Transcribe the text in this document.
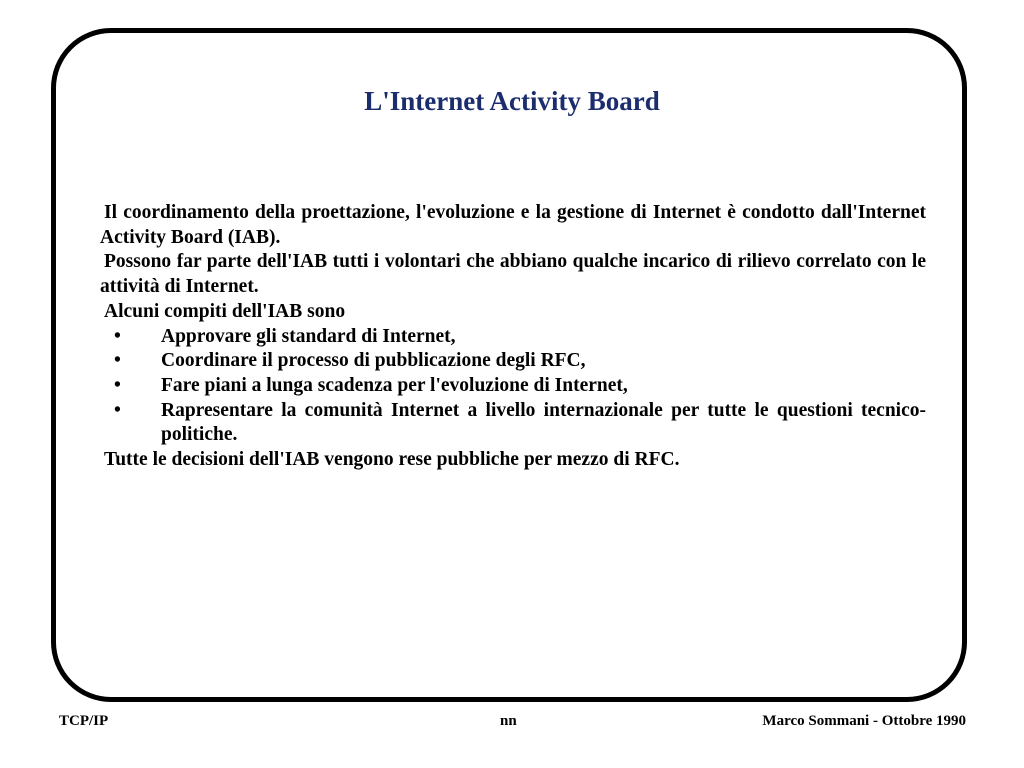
L'Internet Activity Board

Il coordinamento della proettazione, l'evoluzione e la gestione di Internet è condotto dall'Internet Activity Board (IAB).

Possono far parte dell'IAB tutti i volontari che abbiano qualche incarico di rilievo correlato con le attività di Internet.

Alcuni compiti dell'IAB sono

• Approvare gli standard di Internet,
• Coordinare il processo di pubblicazione degli RFC,
• Fare piani a lunga scadenza per l'evoluzione di Internet,
• Rapresentare la comunità Internet a livello internazionale per tutte le questioni tecnico-politiche.

Tutte le decisioni dell'IAB vengono rese pubbliche per mezzo di RFC.

TCP/IP	nn	Marco Sommani - Ottobre 1990
